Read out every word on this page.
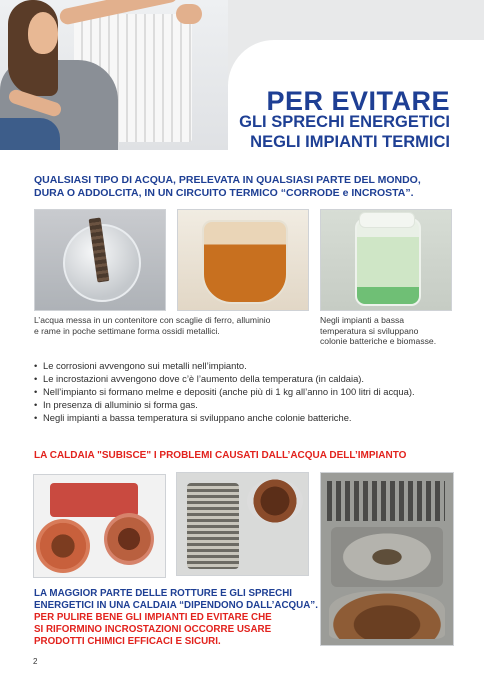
PER EVITARE
GLI SPRECHI ENERGETICI
NEGLI IMPIANTI TERMICI
QUALSIASI TIPO DI ACQUA, PRELEVATA IN QUALSIASI PARTE DEL MONDO,
DURA O ADDOLCITA, IN UN CIRCUITO TERMICO “CORRODE e INCROSTA”.
L’acqua messa in un contenitore con scaglie di ferro, alluminio
e rame in poche settimane forma ossidi metallici.
Negli impianti a bassa
temperatura si sviluppano
colonie batteriche e biomasse.
• Le corrosioni avvengono sui metalli nell’impianto.
• Le incrostazioni avvengono dove c’è l’aumento della temperatura (in caldaia).
• Nell’impianto si formano melme e depositi (anche più di 1 kg all’anno in 100 litri di acqua).
• In presenza di alluminio si forma gas.
• Negli impianti a bassa temperatura si sviluppano anche colonie batteriche.
LA CALDAIA "SUBISCE" I PROBLEMI CAUSATI DALL’ACQUA DELL’IMPIANTO
LA MAGGIOR PARTE DELLE ROTTURE E GLI SPRECHI
ENERGETICI IN UNA CALDAIA “DIPENDONO DALL’ACQUA”.
PER PULIRE BENE GLI IMPIANTI ED EVITARE CHE
SI RIFORMINO INCROSTAZIONI OCCORRE USARE
PRODOTTI CHIMICI EFFICACI E SICURI.
2
